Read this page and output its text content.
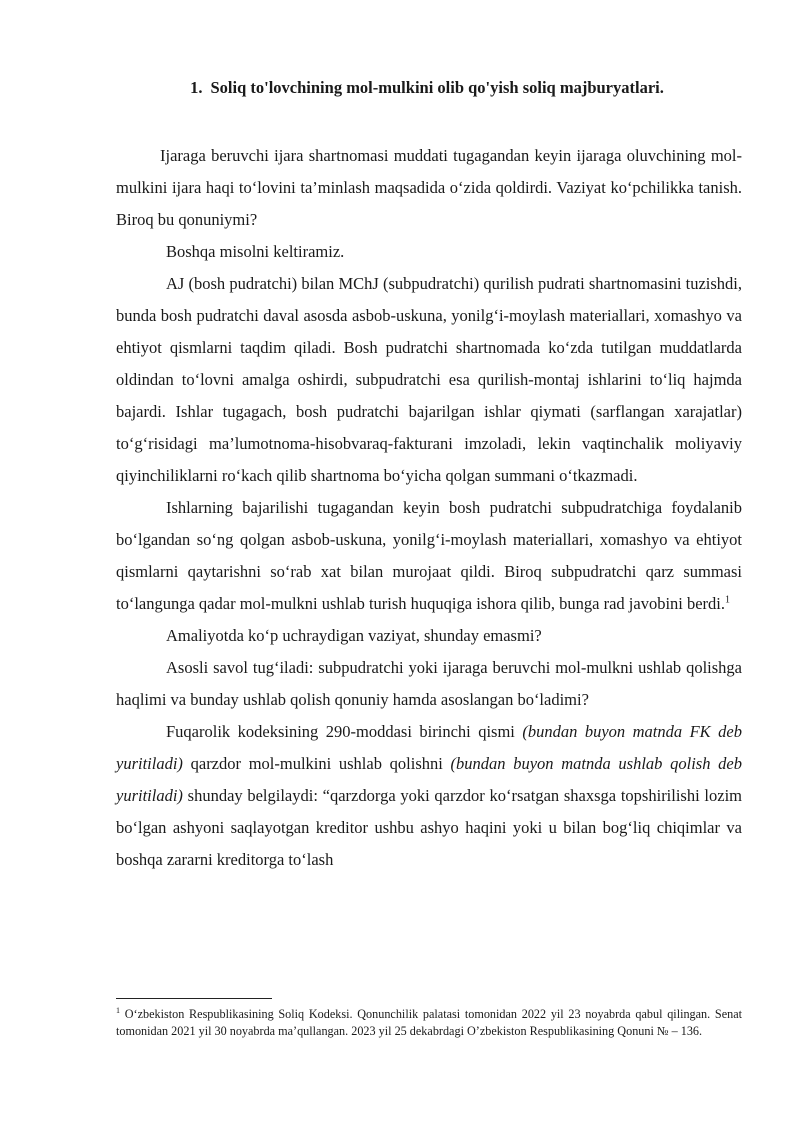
1. Soliq to'lovchining mol-mulkini olib qo'yish soliq majburyatlari.

Ijaraga beruvchi ijara shartnomasi muddati tugagandan keyin ijaraga oluvchining mol-mulkini ijara haqi to‘lovini ta’minlash maqsadida o‘zida qoldirdi. Vaziyat ko‘pchilikka tanish. Biroq bu qonuniymi?

Boshqa misolni keltiramiz.

AJ (bosh pudratchi) bilan MChJ (subpudratchi) qurilish pudrati shartnomasini tuzishdi, bunda bosh pudratchi daval asosda asbob-uskuna, yonilg‘i-moylash materiallari, xomashyo va ehtiyot qismlarni taqdim qiladi. Bosh pudratchi shartnomada ko‘zda tutilgan muddatlarda oldindan to‘lovni amalga oshirdi, subpudratchi esa qurilish-montaj ishlarini to‘liq hajmda bajardi. Ishlar tugagach, bosh pudratchi bajarilgan ishlar qiymati (sarflangan xarajatlar) to‘g‘risidagi ma’lumotnoma-hisobvaraq-fakturani imzoladi, lekin vaqtinchalik moliyaviy qiyinchiliklarni ro‘kach qilib shartnoma bo‘yicha qolgan summani o‘tkazmadi.

Ishlarning bajarilishi tugagandan keyin bosh pudratchi subpudratchiga foydalanib bo‘lgandan so‘ng qolgan asbob-uskuna, yonilg‘i-moylash materiallari, xomashyo va ehtiyot qismlarni qaytarishni so‘rab xat bilan murojaat qildi. Biroq subpudratchi qarz summasi to‘langunga qadar mol-mulkni ushlab turish huquqiga ishora qilib, bunga rad javobini berdi.$^1$

Amaliyotda ko‘p uchraydigan vaziyat, shunday emasmi?

Asosli savol tug‘iladi: subpudratchi yoki ijaraga beruvchi mol-mulkni ushlab qolishga haqlimi va bunday ushlab qolish qonuniy hamda asoslangan bo‘ladimi?

Fuqarolik kodeksining 290-moddasi birinchi qismi (bundan buyon matnda FK deb yuritiladi) qarzdor mol-mulkini ushlab qolishni (bundan buyon matnda ushlab qolish deb yuritiladi) shunday belgilaydi: “qarzdorga yoki qarzdor ko‘rsatgan shaxsga topshirilishi lozim bo‘lgan ashyoni saqlayotgan kreditor ushbu ashyo haqini yoki u bilan bog‘liq chiqimlar va boshqa zararni kreditorga to‘lash

$^1$ O‘zbekiston Respublikasining Soliq Kodeksi. Qonunchilik palatasi tomonidan 2022 yil 23 noyabrda qabul qilingan. Senat tomonidan 2021 yil 30 noyabrda ma’qullangan. 2023 yil 25 dekabrdagi O’zbekiston Respublikasining Qonuni № – 136.
